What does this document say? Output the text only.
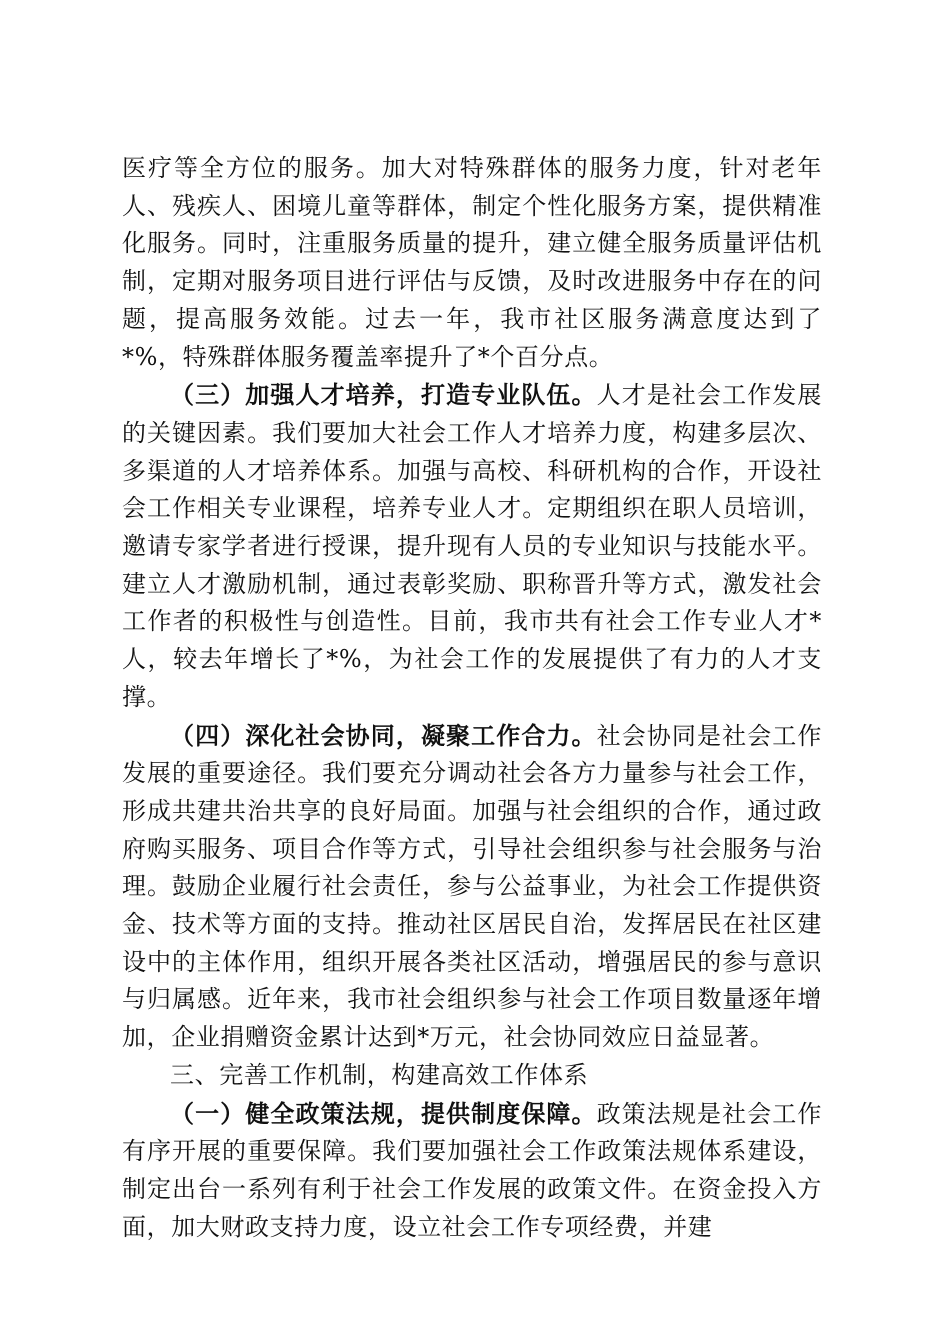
医疗等全方位的服务。加大对特殊群体的服务力度，针对老年人、残疾人、困境儿童等群体，制定个性化服务方案，提供精准化服务。同时，注重服务质量的提升，建立健全服务质量评估机制，定期对服务项目进行评估与反馈，及时改进服务中存在的问题，提高服务效能。过去一年，我市社区服务满意度达到了*%，特殊群体服务覆盖率提升了*个百分点。

（三）加强人才培养，打造专业队伍。人才是社会工作发展的关键因素。我们要加大社会工作人才培养力度，构建多层次、多渠道的人才培养体系。加强与高校、科研机构的合作，开设社会工作相关专业课程，培养专业人才。定期组织在职人员培训，邀请专家学者进行授课，提升现有人员的专业知识与技能水平。建立人才激励机制，通过表彰奖励、职称晋升等方式，激发社会工作者的积极性与创造性。目前，我市共有社会工作专业人才*人，较去年增长了*%，为社会工作的发展提供了有力的人才支撑。

（四）深化社会协同，凝聚工作合力。社会协同是社会工作发展的重要途径。我们要充分调动社会各方力量参与社会工作，形成共建共治共享的良好局面。加强与社会组织的合作，通过政府购买服务、项目合作等方式，引导社会组织参与社会服务与治理。鼓励企业履行社会责任，参与公益事业，为社会工作提供资金、技术等方面的支持。推动社区居民自治，发挥居民在社区建设中的主体作用，组织开展各类社区活动，增强居民的参与意识与归属感。近年来，我市社会组织参与社会工作项目数量逐年增加，企业捐赠资金累计达到*万元，社会协同效应日益显著。

三、完善工作机制，构建高效工作体系

（一）健全政策法规，提供制度保障。政策法规是社会工作有序开展的重要保障。我们要加强社会工作政策法规体系建设，制定出台一系列有利于社会工作发展的政策文件。在资金投入方面，加大财政支持力度，设立社会工作专项经费，并建
